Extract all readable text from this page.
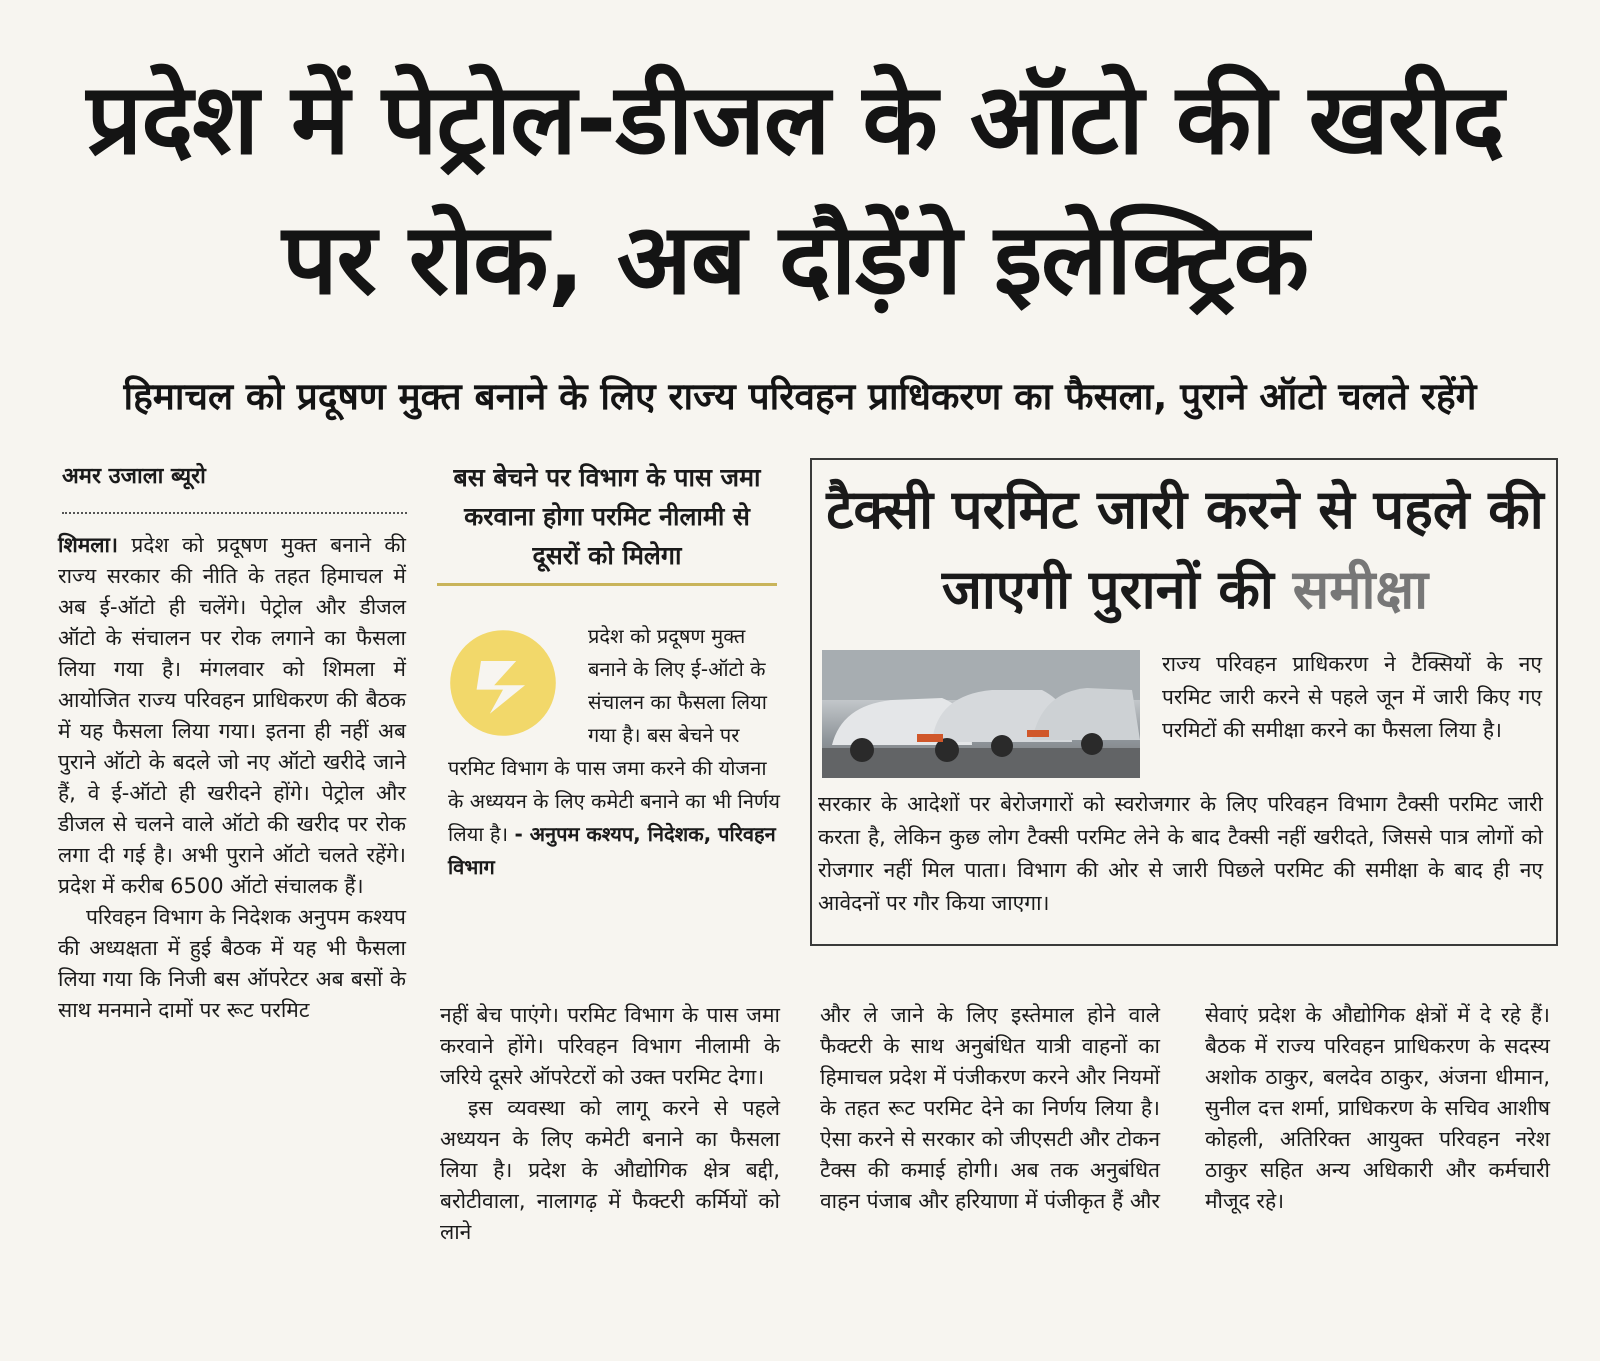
प्रदेश में पेट्रोल-डीजल के ऑटो की खरीद पर रोक, अब दौड़ेंगे इलेक्ट्रिक
हिमाचल को प्रदूषण मुक्त बनाने के लिए राज्य परिवहन प्राधिकरण का फैसला, पुराने ऑटो चलते रहेंगे
अमर उजाला ब्यूरो

शिमला। प्रदेश को प्रदूषण मुक्त बनाने की राज्य सरकार की नीति के तहत हिमाचल में अब ई-ऑटो ही चलेंगे। पेट्रोल और डीजल ऑटो के संचालन पर रोक लगाने का फैसला लिया गया है। मंगलवार को शिमला में आयोजित राज्य परिवहन प्राधिकरण की बैठक में यह फैसला लिया गया। इतना ही नहीं अब पुराने ऑटो के बदले जो नए ऑटो खरीदे जाने हैं, वे ई-ऑटो ही खरीदने होंगे। पेट्रोल और डीजल से चलने वाले ऑटो की खरीद पर रोक लगा दी गई है। अभी पुराने ऑटो चलते रहेंगे। प्रदेश में करीब 6500 ऑटो संचालक हैं।

परिवहन विभाग के निदेशक अनुपम कश्यप की अध्यक्षता में हुई बैठक में यह भी फैसला लिया गया कि निजी बस ऑपरेटर अब बसों के साथ मनमाने दामों पर रूट परमिट

बस बेचने पर विभाग के पास जमा करवाना होगा परमिट नीलामी से दूसरों को मिलेगा
प्रदेश को प्रदूषण मुक्त बनाने के लिए ई-ऑटो के संचालन का फैसला लिया गया है। बस बेचने पर परमिट विभाग के पास जमा करने की योजना के अध्ययन के लिए कमेटी बनाने का भी निर्णय लिया है। - अनुपम कश्यप, निदेशक, परिवहन विभाग
टैक्सी परमिट जारी करने से पहले की जाएगी पुरानों की समीक्षा
राज्य परिवहन प्राधिकरण ने टैक्सियों के नए परमिट जारी करने से पहले जून में जारी किए गए परमिटों की समीक्षा करने का फैसला लिया है।
सरकार के आदेशों पर बेरोजगारों को स्वरोजगार के लिए परिवहन विभाग टैक्सी परमिट जारी करता है, लेकिन कुछ लोग टैक्सी परमिट लेने के बाद टैक्सी नहीं खरीदते, जिससे पात्र लोगों को रोजगार नहीं मिल पाता। विभाग की ओर से जारी पिछले परमिट की समीक्षा के बाद ही नए आवेदनों पर गौर किया जाएगा।

नहीं बेच पाएंगे। परमिट विभाग के पास जमा करवाने होंगे। परिवहन विभाग नीलामी के जरिये दूसरे ऑपरेटरों को उक्त परमिट देगा।

इस व्यवस्था को लागू करने से पहले अध्ययन के लिए कमेटी बनाने का फैसला लिया है। प्रदेश के औद्योगिक क्षेत्र बद्दी, बरोटीवाला, नालागढ़ में फैक्टरी कर्मियों को लाने

और ले जाने के लिए इस्तेमाल होने वाले फैक्टरी के साथ अनुबंधित यात्री वाहनों का हिमाचल प्रदेश में पंजीकरण करने और नियमों के तहत रूट परमिट देने का निर्णय लिया है। ऐसा करने से सरकार को जीएसटी और टोकन टैक्स की कमाई होगी। अब तक अनुबंधित वाहन पंजाब और हरियाणा में पंजीकृत हैं और

सेवाएं प्रदेश के औद्योगिक क्षेत्रों में दे रहे हैं। बैठक में राज्य परिवहन प्राधिकरण के सदस्य अशोक ठाकुर, बलदेव ठाकुर, अंजना धीमान, सुनील दत्त शर्मा, प्राधिकरण के सचिव आशीष कोहली, अतिरिक्त आयुक्त परिवहन नरेश ठाकुर सहित अन्य अधिकारी और कर्मचारी मौजूद रहे।
